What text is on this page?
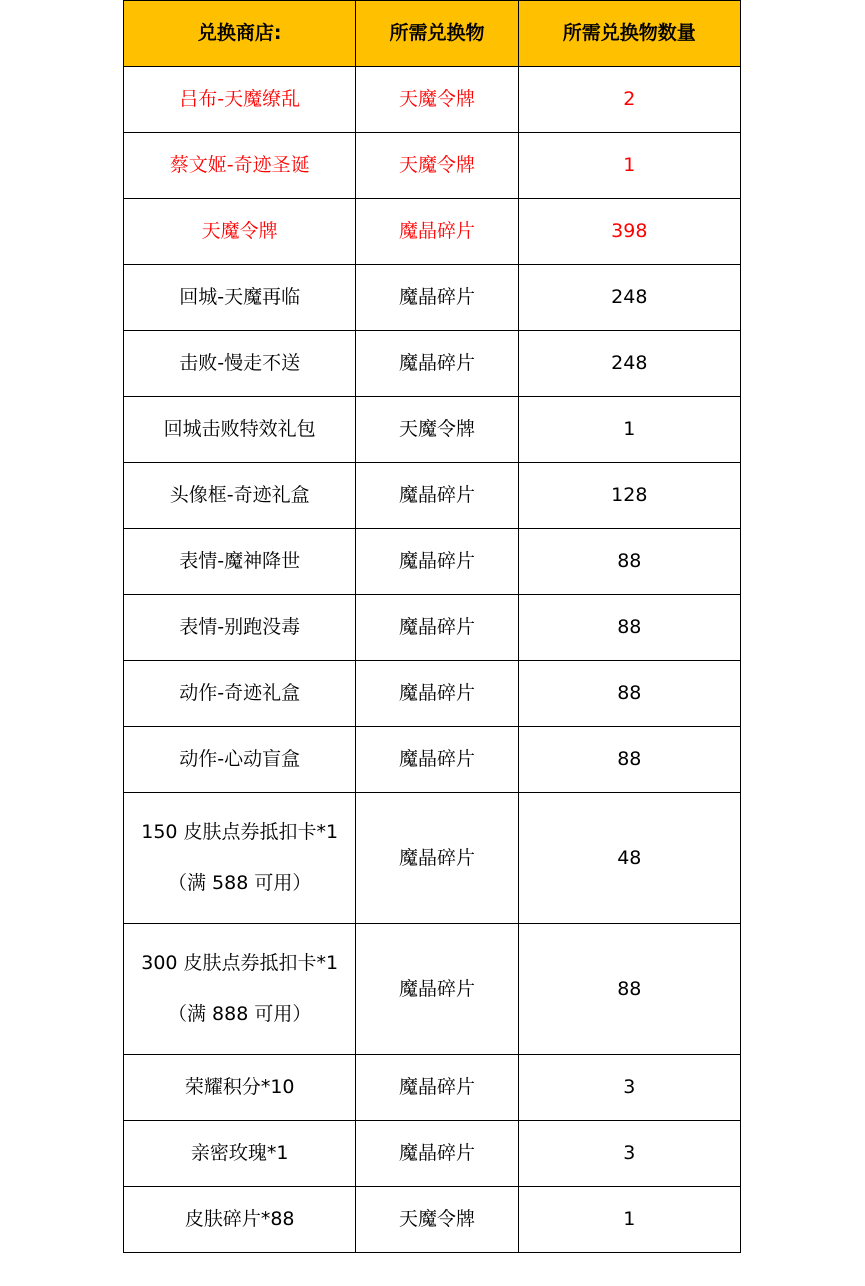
兑换商店:	所需兑换物	所需兑换物数量
吕布-天魔缭乱	天魔令牌	2
蔡文姬-奇迹圣诞	天魔令牌	1
天魔令牌	魔晶碎片	398
回城-天魔再临	魔晶碎片	248
击败-慢走不送	魔晶碎片	248
回城击败特效礼包	天魔令牌	1
头像框-奇迹礼盒	魔晶碎片	128
表情-魔神降世	魔晶碎片	88
表情-别跑没毒	魔晶碎片	88
动作-奇迹礼盒	魔晶碎片	88
动作-心动盲盒	魔晶碎片	88
150 皮肤点券抵扣卡*1
（满 588 可用）	魔晶碎片	48
300 皮肤点券抵扣卡*1
（满 888 可用）	魔晶碎片	88
荣耀积分*10	魔晶碎片	3
亲密玫瑰*1	魔晶碎片	3
皮肤碎片*88	天魔令牌	1
